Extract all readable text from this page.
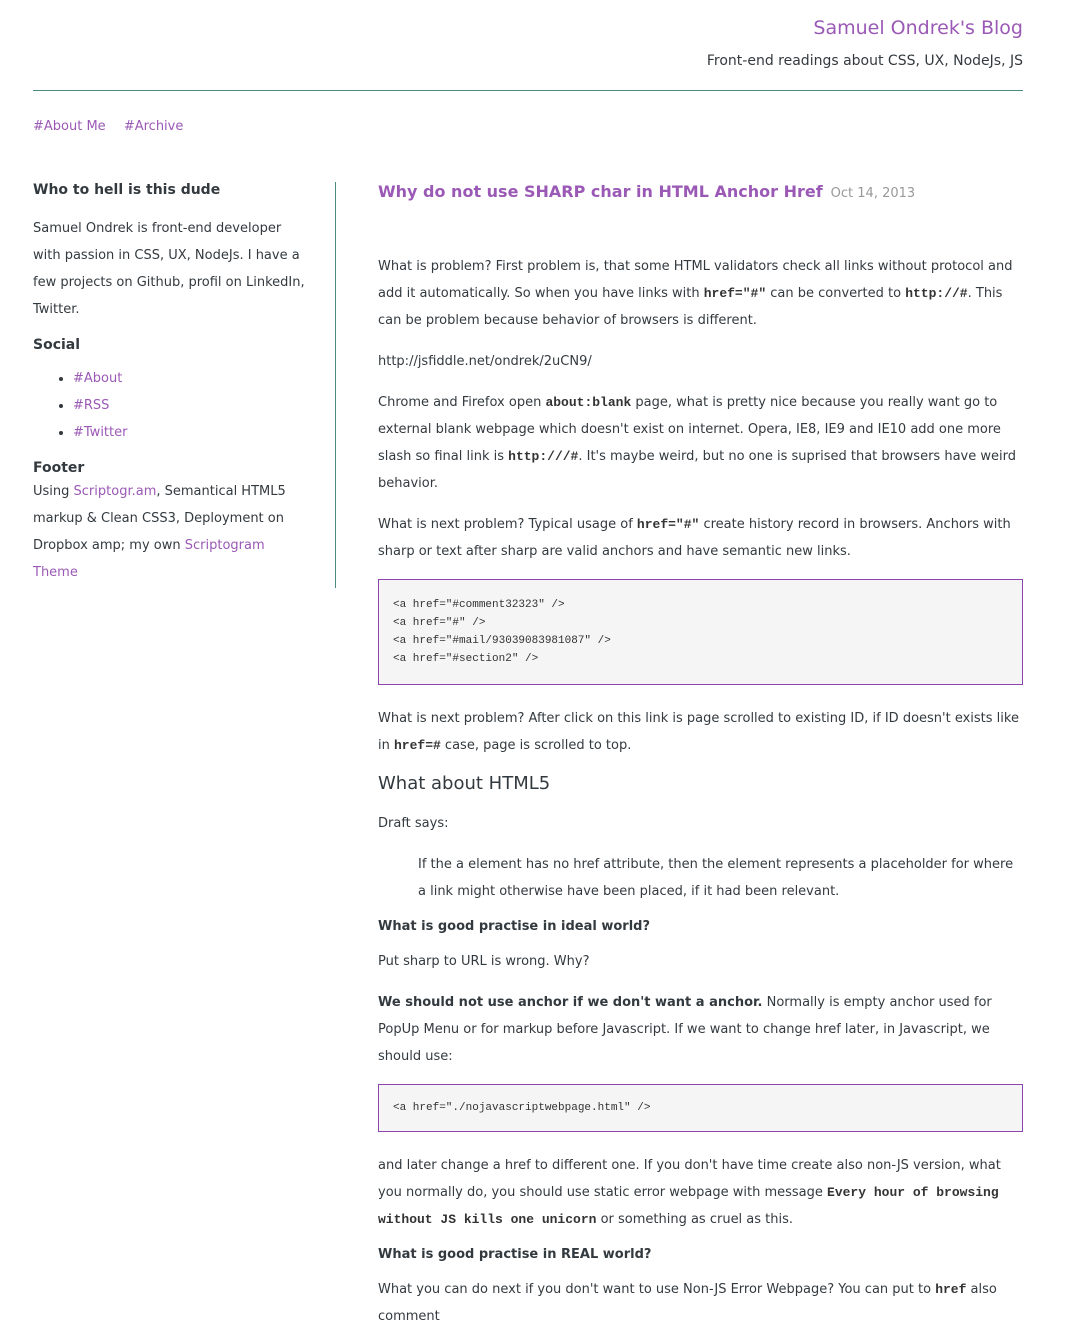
Samuel Ondrek's Blog
Front-end readings about CSS, UX, NodeJs, JS
#About Me #Archive
Who to hell is this dude

Samuel Ondrek is front-end developer with passion in CSS, UX, NodeJs. I have a few projects on Github, profil on LinkedIn, Twitter.

Social
• #About
• #RSS
• #Twitter
Footer

Using Scriptogr.am, Semantical HTML5 markup & Clean CSS3, Deployment on Dropbox amp; my own Scriptogram Theme

Why do not use SHARP char in HTML Anchor Href Oct 14, 2013

What is problem? First problem is, that some HTML validators check all links without protocol and add it automatically. So when you have links with href="#" can be converted to http://#. This can be problem because behavior of browsers is different.

http://jsfiddle.net/ondrek/2uCN9/

Chrome and Firefox open about:blank page, what is pretty nice because you really want go to external blank webpage which doesn't exist on internet. Opera, IE8, IE9 and IE10 add one more slash so final link is http:///#. It's maybe weird, but no one is suprised that browsers have weird behavior.

What is next problem? Typical usage of href="#" create history record in browsers. Anchors with sharp or text after sharp are valid anchors and have semantic new links.

<a href="#comment32323" />
<a href="#" />
<a href="#mail/93039083981087" />
<a href="#section2" />

What is next problem? After click on this link is page scrolled to existing ID, if ID doesn't exists like in href=# case, page is scrolled to top.

What about HTML5

Draft says:

If the a element has no href attribute, then the element represents a placeholder for where a link might otherwise have been placed, if it had been relevant.
What is good practise in ideal world?

Put sharp to URL is wrong. Why?

We should not use anchor if we don't want a anchor. Normally is empty anchor used for PopUp Menu or for markup before Javascript. If we want to change href later, in Javascript, we should use:

<a href="./nojavascriptwebpage.html" />

and later change a href to different one. If you don't have time create also non-JS version, what you normally do, you should use static error webpage with message Every hour of browsing without JS kills one unicorn or something as cruel as this.

What is good practise in REAL world?

What you can do next if you don't want to use Non-JS Error Webpage? You can put to href also comment
